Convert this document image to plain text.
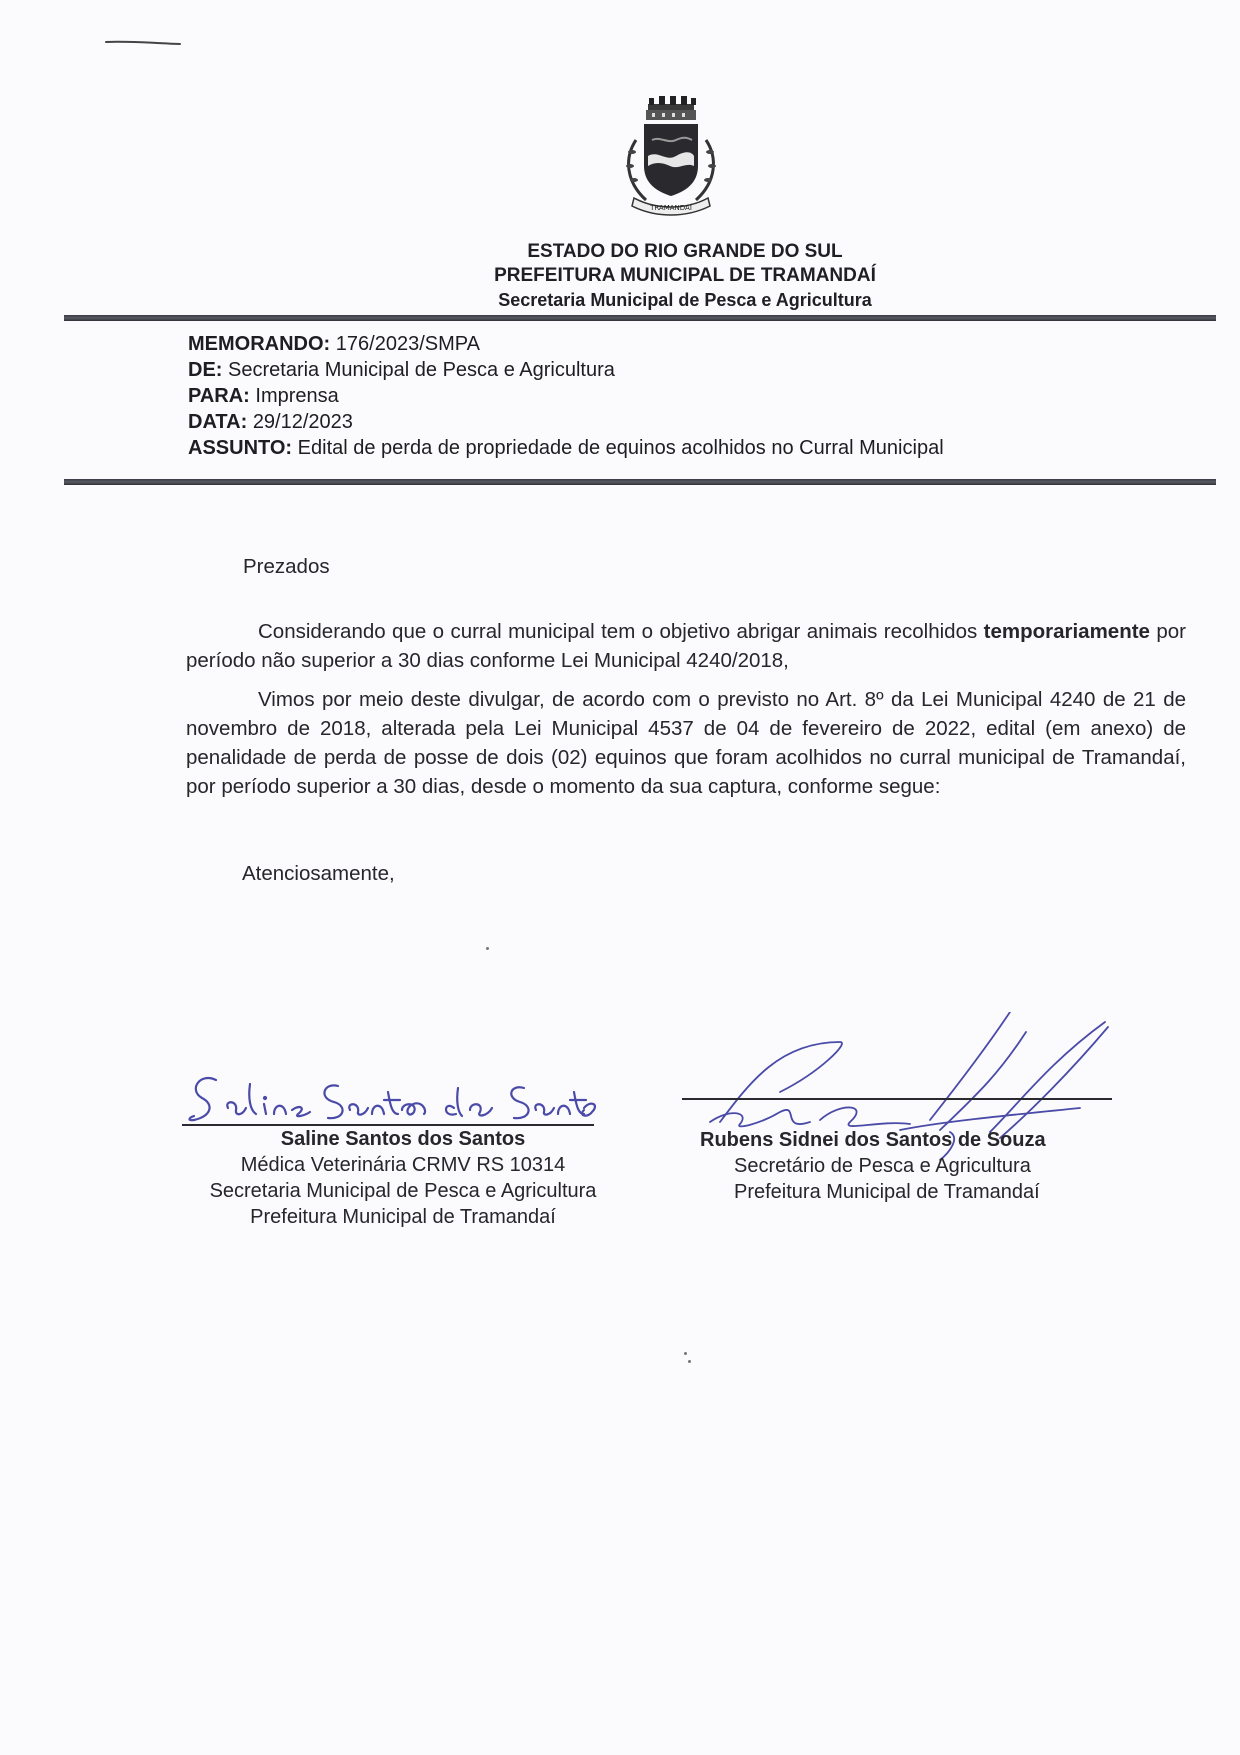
TRAMANDAÍ
ESTADO DO RIO GRANDE DO SUL
PREFEITURA MUNICIPAL DE TRAMANDAÍ
Secretaria Municipal de Pesca e Agricultura
MEMORANDO: 176/2023/SMPA
DE: Secretaria Municipal de Pesca e Agricultura
PARA: Imprensa
DATA: 29/12/2023
ASSUNTO: Edital de perda de propriedade de equinos acolhidos no Curral Municipal
Prezados
Considerando que o curral municipal tem o objetivo abrigar animais recolhidos temporariamente por período não superior a 30 dias conforme Lei Municipal 4240/2018,
Vimos por meio deste divulgar, de acordo com o previsto no Art. 8º da Lei Municipal 4240 de 21 de novembro de 2018, alterada pela Lei Municipal 4537 de 04 de fevereiro de 2022, edital (em anexo) de penalidade de perda de posse de dois (02) equinos que foram acolhidos no curral municipal de Tramandaí, por período superior a 30 dias, desde o momento da sua captura, conforme segue:
Atenciosamente,
Saline Santos dos Santos
Médica Veterinária CRMV RS 10314
Secretaria Municipal de Pesca e Agricultura
Prefeitura Municipal de Tramandaí
Rubens Sidnei dos Santos de Souza
Secretário de Pesca e Agricultura
Prefeitura Municipal de Tramandaí
